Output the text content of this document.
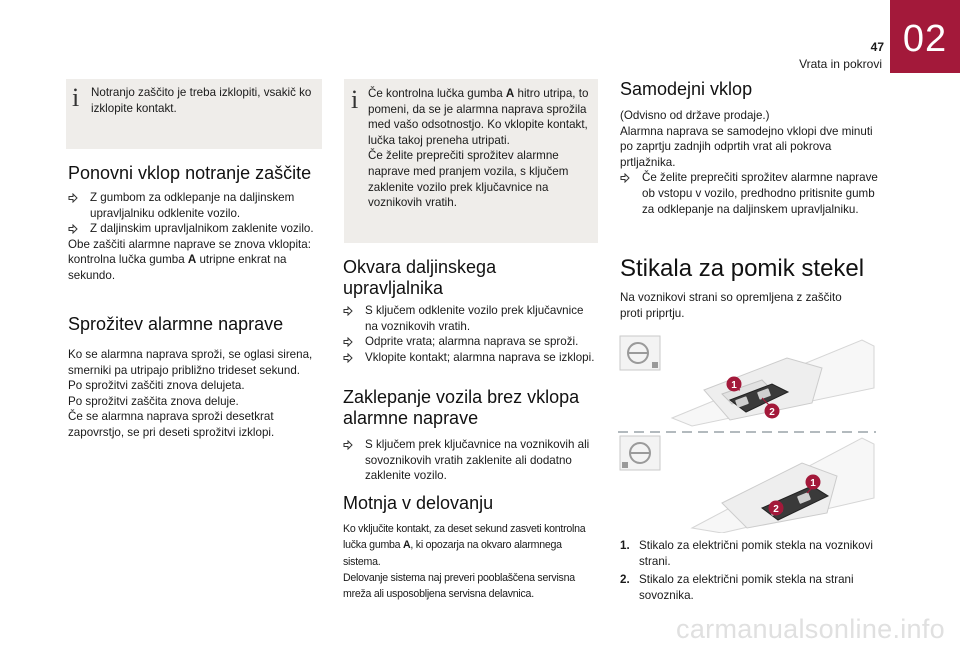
47
Vrata in pokrovi
02
i Notranjo zaščito je treba izklopiti, vsakič ko izklopite kontakt.

Ponovni vklop notranje zaščite
Z gumbom za odklepanje na daljinskem upravljalniku odklenite vozilo.
Z daljinskim upravljalnikom zaklenite vozilo.

Obe zaščiti alarmne naprave se znova vklopita: kontrolna lučka gumba A utripne enkrat na sekundo.

Sprožitev alarmne naprave

Ko se alarmna naprava sproži, se oglasi sirena, smerniki pa utripajo približno trideset sekund.

Po sprožitvi zaščiti znova delujeta.

Po sprožitvi zaščita znova deluje.

Če se alarmna naprava sproži desetkrat zapovrstjo, se pri deseti sprožitvi izklopi.

i Če kontrolna lučka gumba A hitro utripa, to pomeni, da se je alarmna naprava sprožila med vašo odsotnostjo. Ko vklopite kontakt, lučka takoj preneha utripati.

Če želite preprečiti sprožitev alarmne naprave med pranjem vozila, s ključem zaklenite vozilo prek ključavnice na voznikovih vratih.

Okvara daljinskega upravljalnika
S ključem odklenite vozilo prek ključavnice na voznikovih vratih.
Odprite vrata; alarmna naprava se sproži.
Vklopite kontakt; alarmna naprava se izklopi.
Zaklepanje vozila brez vklopa alarmne naprave
S ključem prek ključavnice na voznikovih ali sovoznikovih vratih zaklenite ali dodatno zaklenite vozilo.
Motnja v delovanju
Ko vključite kontakt, za deset sekund zasveti kontrolna lučka gumba A, ki opozarja na okvaro alarmnega sistema.
Delovanje sistema naj preveri pooblaščena servisna mreža ali usposobljena servisna delavnica.
Samodejni vklop

(Odvisno od države prodaje.)

Alarmna naprava se samodejno vklopi dve minuti po zaprtju zadnjih odprtih vrat ali pokrova prtljažnika.

Če želite preprečiti sprožitev alarmne naprave ob vstopu v vozilo, predhodno pritisnite gumb za odklepanje na daljinskem upravljalniku.
Stikala za pomik stekel

Na voznikovi strani so opremljena z zaščito proti priprtju.

1
2
1
2
1. Stikalo za električni pomik stekla na voznikovi strani.
2. Stikalo za električni pomik stekla na strani sovoznika.
carmanualsonline.info
